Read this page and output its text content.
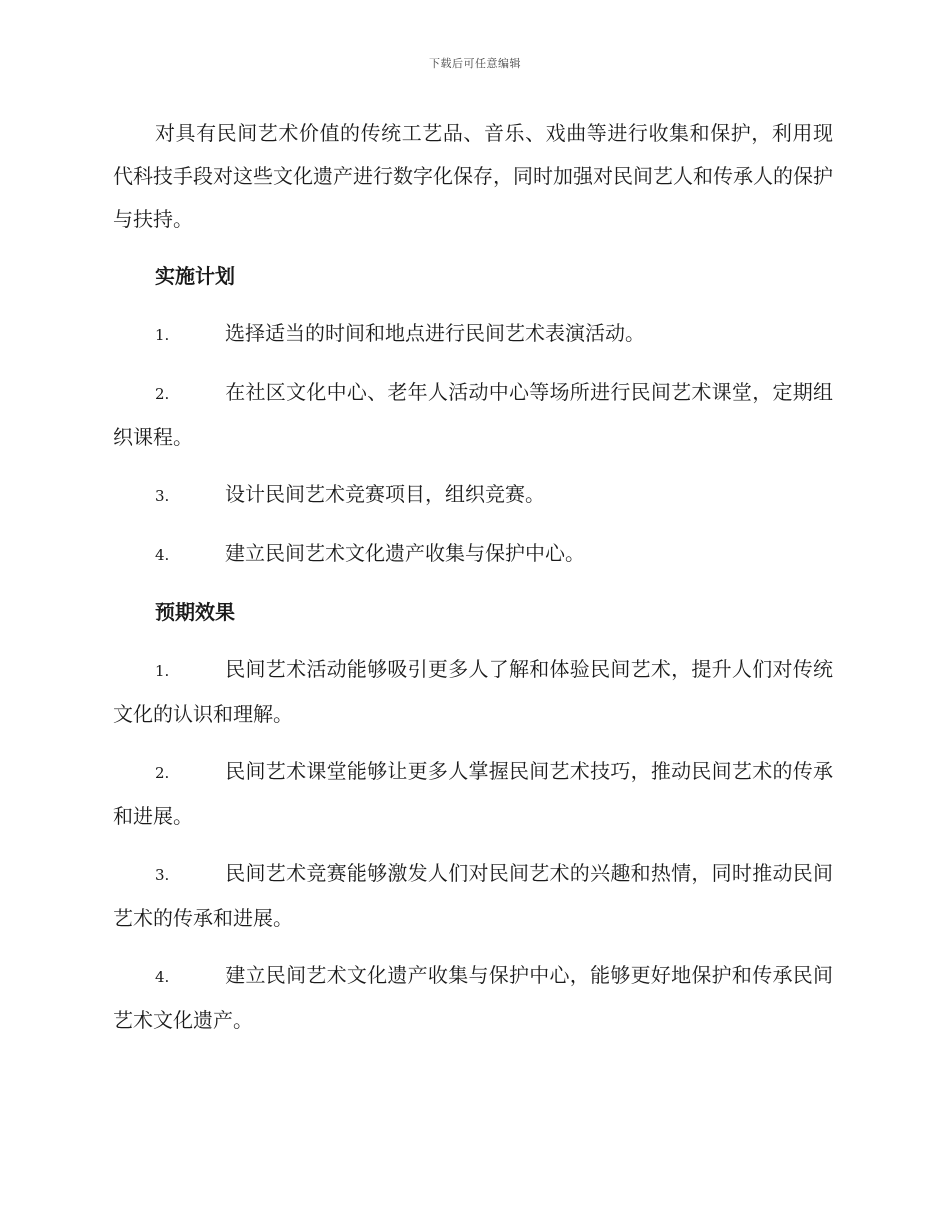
下载后可任意编辑

对具有民间艺术价值的传统工艺品、音乐、戏曲等进行收集和保护，利用现代科技手段对这些文化遗产进行数字化保存，同时加强对民间艺人和传承人的保护与扶持。

实施计划

1.	选择适当的时间和地点进行民间艺术表演活动。

2.	在社区文化中心、老年人活动中心等场所进行民间艺术课堂，定期组织课程。

3.	设计民间艺术竞赛项目，组织竞赛。

4.	建立民间艺术文化遗产收集与保护中心。

预期效果

1.	民间艺术活动能够吸引更多人了解和体验民间艺术，提升人们对传统文化的认识和理解。

2.	民间艺术课堂能够让更多人掌握民间艺术技巧，推动民间艺术的传承和进展。

3.	民间艺术竞赛能够激发人们对民间艺术的兴趣和热情，同时推动民间艺术的传承和进展。

4.	建立民间艺术文化遗产收集与保护中心，能够更好地保护和传承民间艺术文化遗产。
